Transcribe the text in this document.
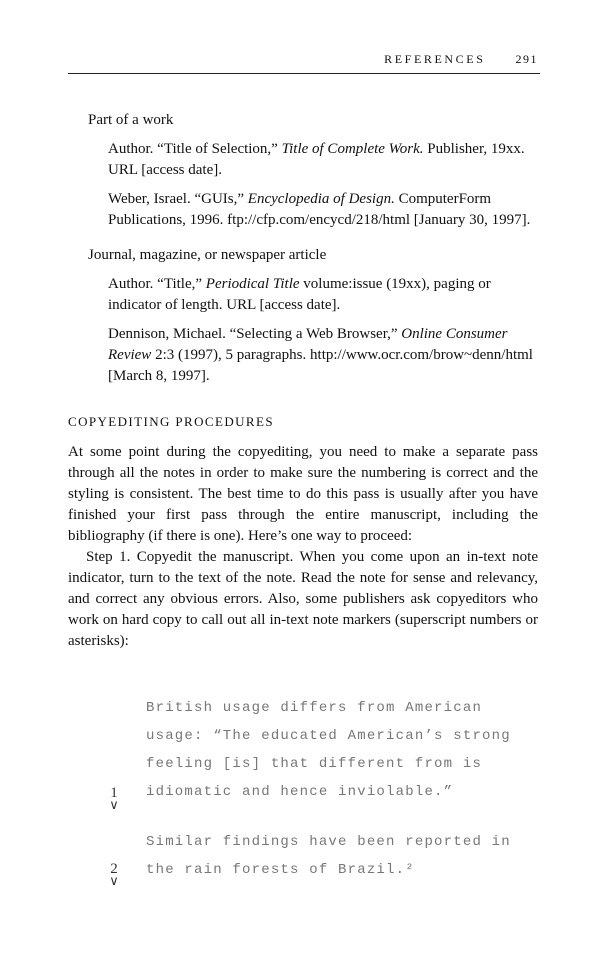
REFERENCES	291
Part of a work
Author. “Title of Selection,” Title of Complete Work. Publisher, 19xx. URL [access date].
Weber, Israel. “GUIs,” Encyclopedia of Design. ComputerForm Publications, 1996. ftp://cfp.com/encycd/218/html [January 30, 1997].
Journal, magazine, or newspaper article
Author. “Title,” Periodical Title volume:issue (19xx), paging or indicator of length. URL [access date].
Dennison, Michael. “Selecting a Web Browser,” Online Consumer Review 2:3 (1997), 5 paragraphs. http://www.ocr.com/brow~denn/html [March 8, 1997].
COPYEDITING PROCEDURES
At some point during the copyediting, you need to make a separate pass through all the notes in order to make sure the numbering is correct and the styling is consistent. The best time to do this pass is usually after you have finished your first pass through the entire manuscript, including the bibliography (if there is one). Here’s one way to proceed:
Step 1. Copyedit the manuscript. When you come upon an in-text note indicator, turn to the text of the note. Read the note for sense and relevancy, and correct any obvious errors. Also, some publishers ask copyeditors who work on hard copy to call out all in-text note markers (superscript numbers or asterisks):
British usage differs from American
usage: “The educated American’s strong
feeling [is] that different from is
idiomatic and hence inviolable.”
Similar findings have been reported in
the rain forests of Brazil.²
1
∨
2
∨
